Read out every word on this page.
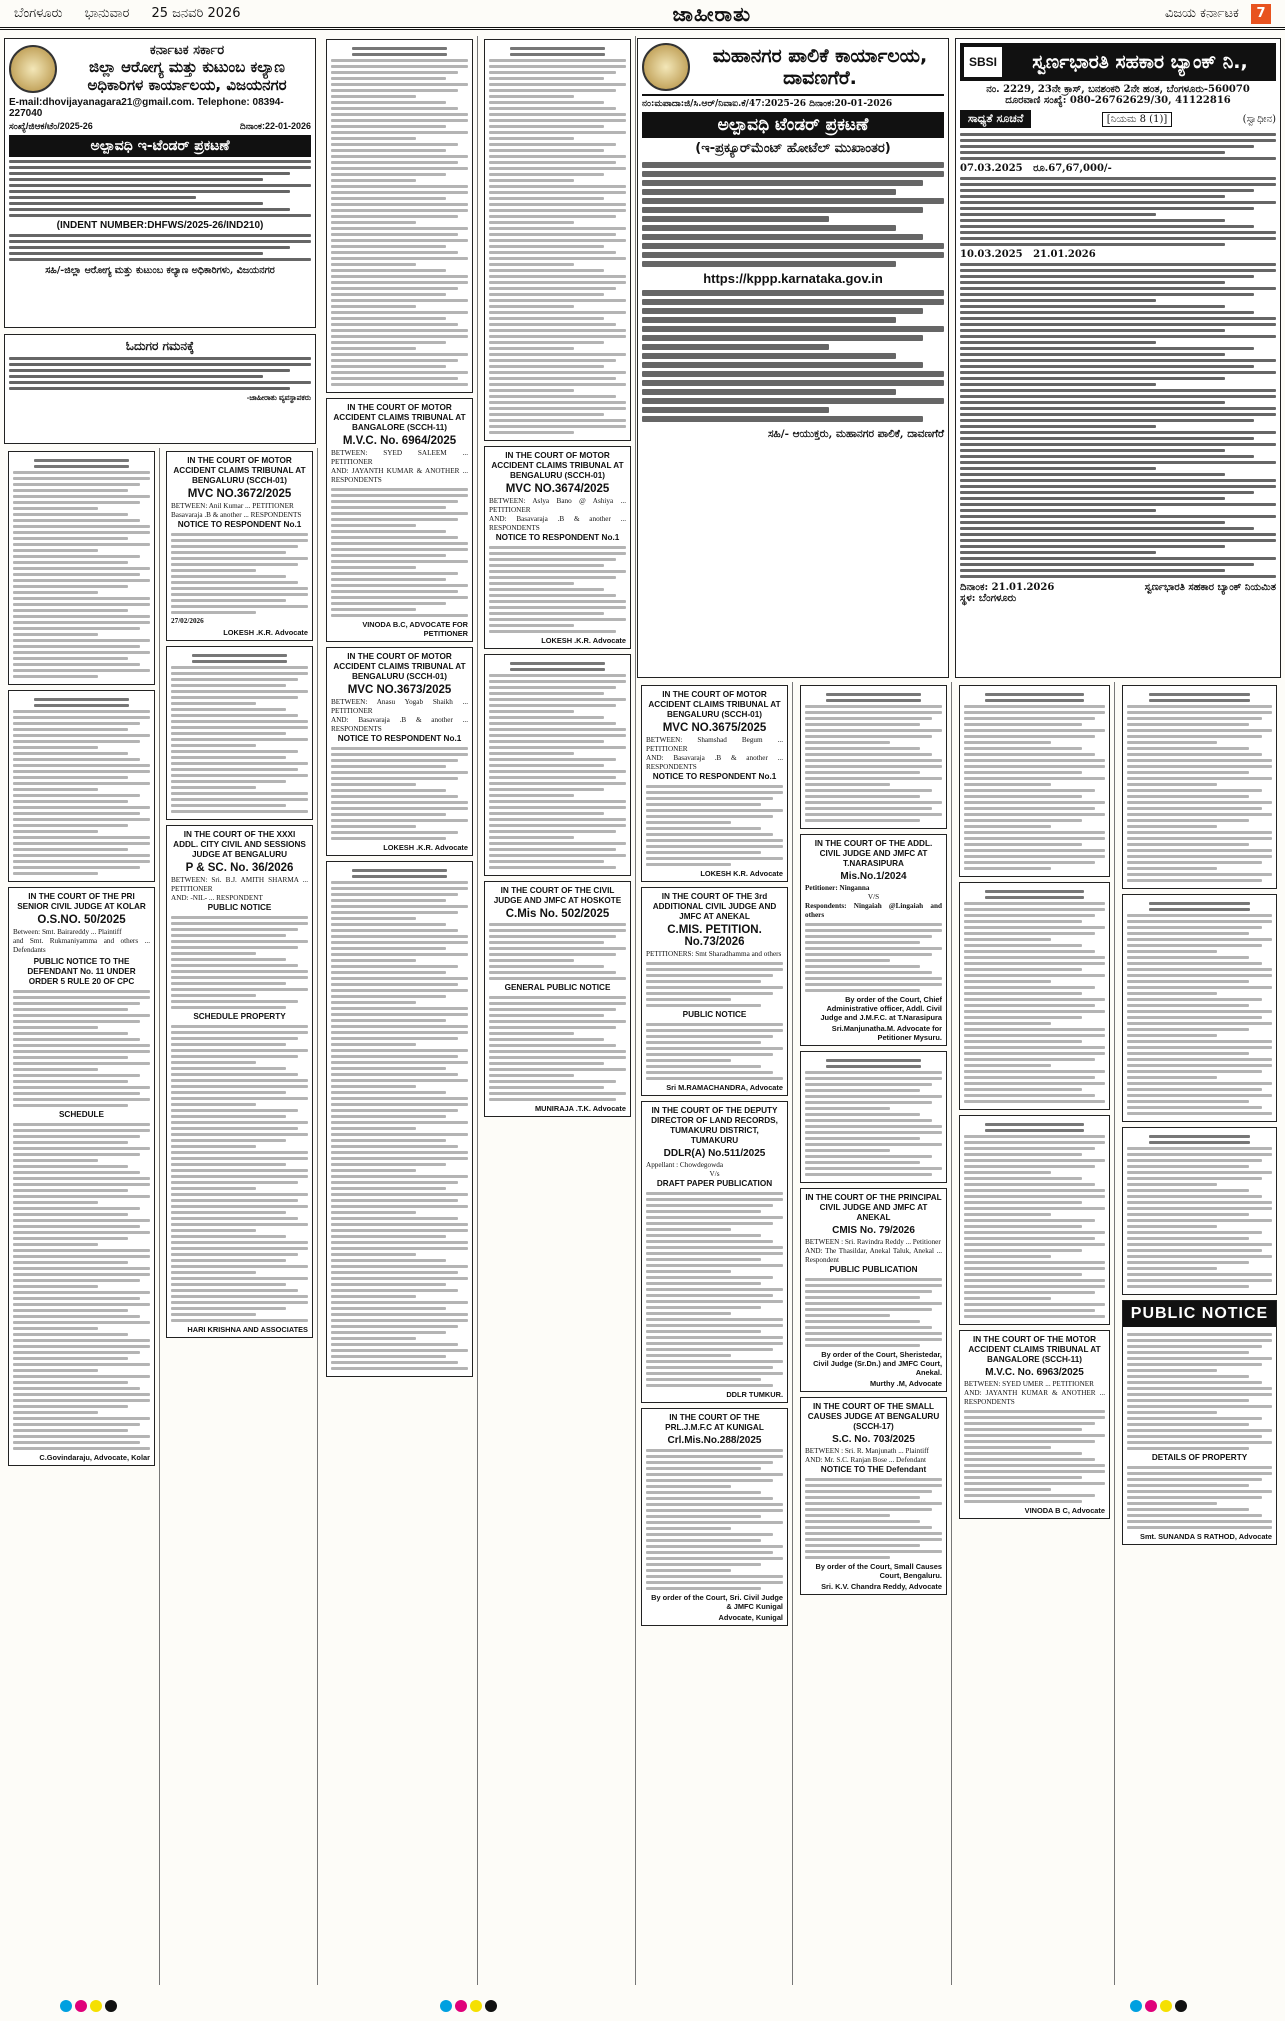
ಬೆಂಗಳೂರು ಭಾನುವಾರ 25 ಜನವರಿ 2026	ಜಾಹೀರಾತು	ವಿಜಯ ಕರ್ನಾಟಕ 7
ಕರ್ನಾಟಕ ಸರ್ಕಾರ
ಜಿಲ್ಲಾ ಆರೋಗ್ಯ ಮತ್ತು ಕುಟುಂಬ ಕಲ್ಯಾಣ
ಅಧಿಕಾರಿಗಳ ಕಾರ್ಯಾಲಯ, ವಿಜಯನಗರ
E-mail:dhovijayanagara21@gmail.com. Telephone: 08394-227040
ಸಂಖ್ಯೆ/ಜಿಆಕ/ಟೆಂ/2025-26	ದಿನಾಂಕ:22-01-2026
ಅಲ್ಪಾವಧಿ ಇ-ಟೆಂಡರ್ ಪ್ರಕಟಣೆ
(INDENT NUMBER:DHFWS/2025-26/IND210)
ಸಹಿ/-ಜಿಲ್ಲಾ ಆರೋಗ್ಯ ಮತ್ತು ಕುಟುಂಬ ಕಲ್ಯಾಣ ಅಧಿಕಾರಿಗಳು, ವಿಜಯನಗರ
ಮಹಾನಗರ ಪಾಲಿಕೆ ಕಾರ್ಯಾಲಯ,
ದಾವಣಗೆರೆ.
ನಂ:ಮಪಾದಾ:ಜಿ/ಸಿ.ಆರ್/ನಿವಾಐ.ಕೆ/47:2025-26 ದಿನಾಂಕ:20-01-2026
ಅಲ್ಪಾವಧಿ ಟೆಂಡರ್ ಪ್ರಕಟಣೆ
(ಇ-ಪ್ರಕ್ಯೂರ್‌ಮೆಂಟ್ ಹೋಟೆಲ್ ಮುಖಾಂತರ)
https://kppp.karnataka.gov.in
ಸಹಿ/- ಆಯುಕ್ತರು, ಮಹಾನಗರ ಪಾಲಿಕೆ, ದಾವಣಗೆರೆ
SBSI	ಸ್ವರ್ಣಭಾರತಿ ಸಹಕಾರ ಬ್ಯಾಂಕ್ ನಿ.,
ನಂ. 2229, 23ನೇ ಕ್ರಾಸ್, ಬನಶಂಕರಿ 2ನೇ ಹಂತ, ಬೆಂಗಳೂರು-560070
ದೂರವಾಣಿ ಸಂಖ್ಯೆ: 080-26762629/30, 41122816
ಸಾಧ್ಯತೆ ಸೂಚನೆ	[ನಿಯಮ 8 (1)]	(ಸ್ವಾಧೀನ)
07.03.2025 ರೂ.67,67,000/-
10.03.2025 21.01.2026
ದಿನಾಂಕ: 21.01.2026
ಸ್ಥಳ: ಬೆಂಗಳೂರು
ಸ್ವರ್ಣಭಾರತಿ ಸಹಕಾರ ಬ್ಯಾಂಕ್ ನಿಯಮಿತ
ಓದುಗರ ಗಮನಕ್ಕೆ
-ಜಾಹೀರಾತು ವ್ಯವಸ್ಥಾಪಕರು
IN THE COURT OF THE PRI SENIOR CIVIL JUDGE AT KOLAR
O.S.NO. 50/2025
Between: Smt. Bairareddy ... Plaintiff
and Smt. Rukmaniyamma and others ... Defendants
PUBLIC NOTICE TO THE DEFENDANT No. 11 UNDER ORDER 5 RULE 20 OF CPC
SCHEDULE
C.Govindaraju, Advocate, Kolar
IN THE COURT OF MOTOR ACCIDENT CLAIMS TRIBUNAL AT BENGALURU (SCCH-01)
MVC NO.3672/2025
BETWEEN: Anil Kumar ... PETITIONER
Basavaraja .B & another ... RESPONDENTS
NOTICE TO RESPONDENT No.1
27/02/2026
LOKESH .K.R. Advocate
IN THE COURT OF THE XXXI ADDL. CITY CIVIL AND SESSIONS JUDGE AT BENGALURU
P & SC. No. 36/2026
BETWEEN: Sri. B.J. AMITH SHARMA ... PETITIONER
AND: -NIL- ... RESPONDENT
PUBLIC NOTICE
SCHEDULE PROPERTY
HARI KRISHNA AND ASSOCIATES
IN THE COURT OF MOTOR ACCIDENT CLAIMS TRIBUNAL AT BANGALORE (SCCH-11)
M.V.C. No. 6964/2025
BETWEEN: SYED SALEEM ... PETITIONER
AND: JAYANTH KUMAR & ANOTHER ... RESPONDENTS
VINODA B.C, ADVOCATE FOR PETITIONER
IN THE COURT OF MOTOR ACCIDENT CLAIMS TRIBUNAL AT BENGALURU (SCCH-01)
MVC NO.3673/2025
BETWEEN: Anasu Yogab Shaikh ... PETITIONER
AND: Basavaraja .B & another ... RESPONDENTS
NOTICE TO RESPONDENT No.1
LOKESH .K.R. Advocate
IN THE COURT OF MOTOR ACCIDENT CLAIMS TRIBUNAL AT BENGALURU (SCCH-01)
MVC NO.3674/2025
BETWEEN: Aslya Bano @ Ashiya ... PETITIONER
AND: Basavaraja .B & another ... RESPONDENTS
NOTICE TO RESPONDENT No.1
LOKESH .K.R. Advocate
IN THE COURT OF THE CIVIL JUDGE AND JMFC AT HOSKOTE
C.Mis No. 502/2025
GENERAL PUBLIC NOTICE
MUNIRAJA .T.K. Advocate
IN THE COURT OF MOTOR ACCIDENT CLAIMS TRIBUNAL AT BENGALURU (SCCH-01)
MVC NO.3675/2025
BETWEEN: Shamshad Begum ... PETITIONER
AND: Basavaraja .B & another ... RESPONDENTS
NOTICE TO RESPONDENT No.1
LOKESH K.R. Advocate
IN THE COURT OF THE 3rd ADDITIONAL CIVIL JUDGE AND JMFC AT ANEKAL
C.MIS. PETITION. No.73/2026
PETITIONERS: Smt Sharadhamma and others
PUBLIC NOTICE
Sri M.RAMACHANDRA, Advocate
IN THE COURT OF THE DEPUTY DIRECTOR OF LAND RECORDS, TUMAKURU DISTRICT, TUMAKURU
DDLR(A) No.511/2025
Appellant : Chowdegowda
V/s
DRAFT PAPER PUBLICATION
DDLR TUMKUR.
IN THE COURT OF THE PRL.J.M.F.C AT KUNIGAL
Crl.Mis.No.288/2025
By order of the Court, Sri. Civil Judge & JMFC Kunigal
Advocate, Kunigal
IN THE COURT OF THE ADDL. CIVIL JUDGE AND JMFC AT T.NARASIPURA
Mis.No.1/2024
Petitioner: Ninganna
V/S
Respondents: Ningaiah @Lingaiah and others
By order of the Court, Chief Administrative officer, Addl. Civil Judge and J.M.F.C. at T.Narasipura
Sri.Manjunatha.M. Advocate for Petitioner Mysuru.
IN THE COURT OF THE PRINCIPAL CIVIL JUDGE AND JMFC AT ANEKAL
CMIS No. 79/2026
BETWEEN : Sri. Ravindra Reddy ... Petitioner
AND: The Thasildar, Anekal Taluk, Anekal ... Respondent
PUBLIC PUBLICATION
By order of the Court, Sheristedar, Civil Judge (Sr.Dn.) and JMFC Court, Anekal.
Murthy .M, Advocate
IN THE COURT OF THE SMALL CAUSES JUDGE AT BENGALURU (SCCH-17)
S.C. No. 703/2025
BETWEEN : Sri. R. Manjunath ... Plaintiff
AND: Mr. S.C. Ranjan Bose ... Defendant
NOTICE TO THE Defendant
By order of the Court, Small Causes Court, Bengaluru.
Sri. K.V. Chandra Reddy, Advocate
IN THE COURT OF THE MOTOR ACCIDENT CLAIMS TRIBUNAL AT BANGALORE (SCCH-11)
M.V.C. No. 6963/2025
BETWEEN: SYED UMER ... PETITIONER
AND: JAYANTH KUMAR & ANOTHER ... RESPONDENTS
VINODA B C, Advocate
PUBLIC NOTICE
DETAILS OF PROPERTY
Smt. SUNANDA S RATHOD, Advocate
